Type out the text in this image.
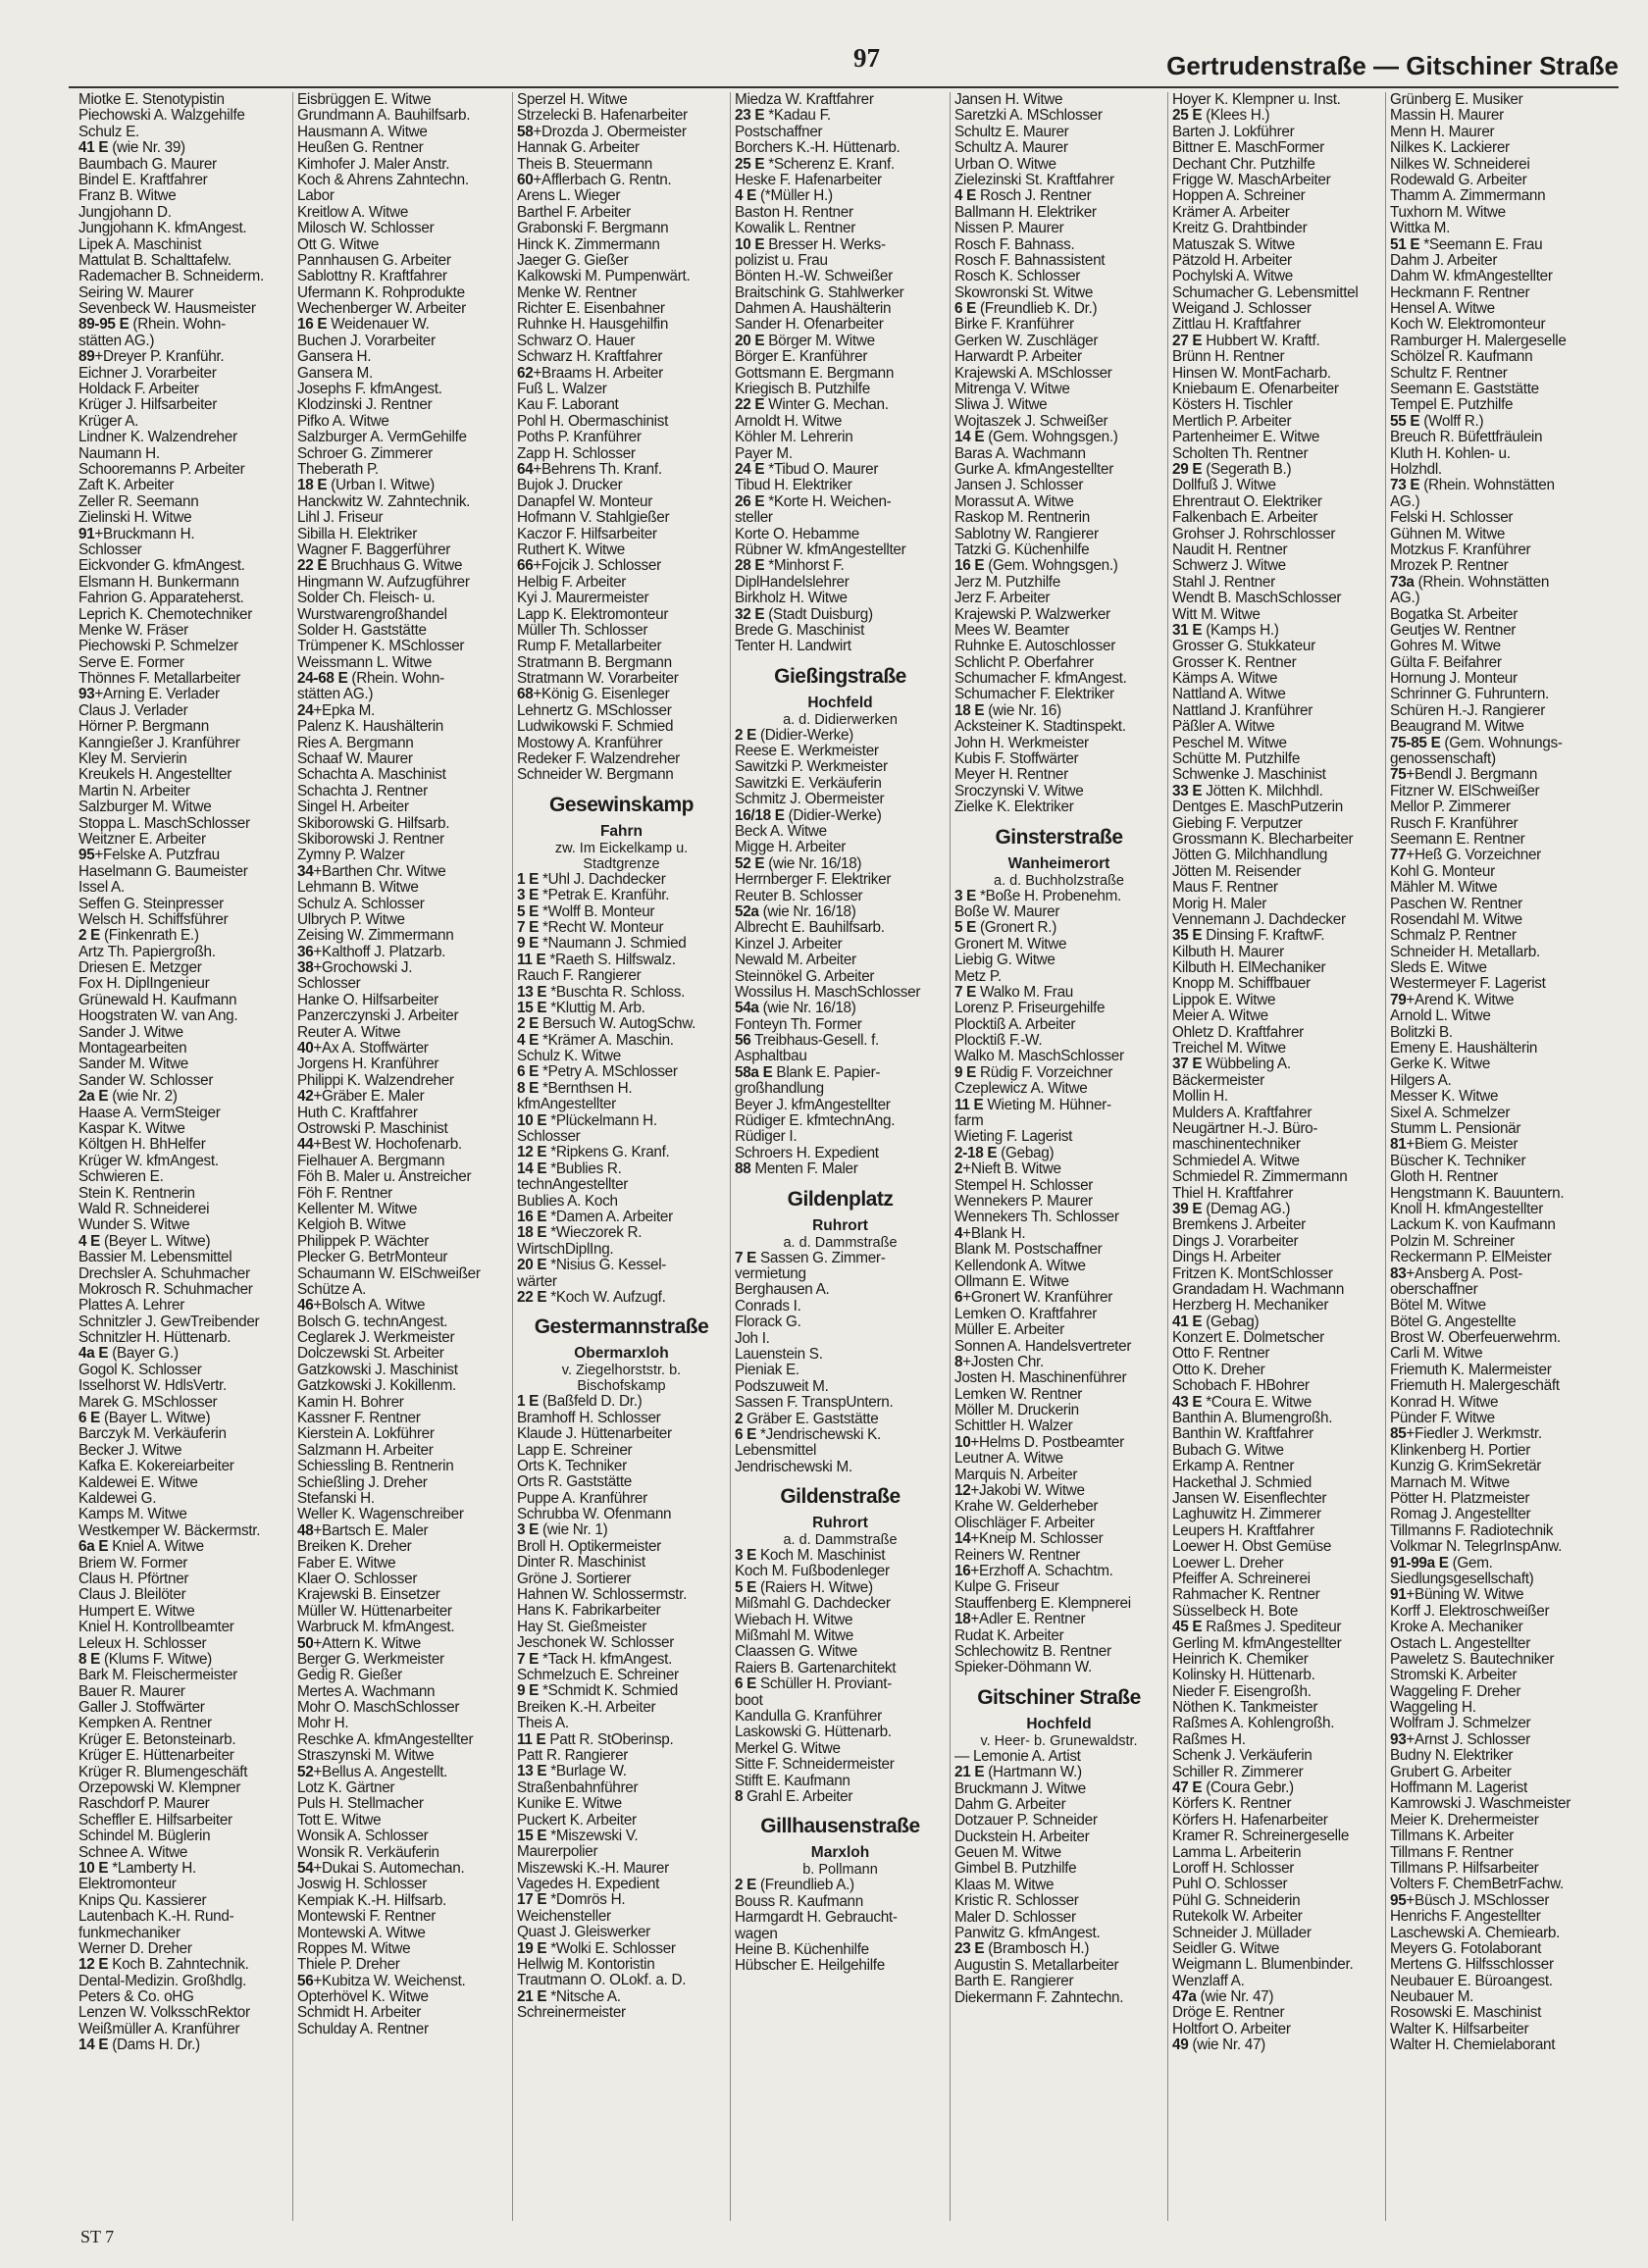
97	Gertrudenstraße — Gitschiner Straße
Miotke E. Stenotypistin
Piechowski A. Walzgehilfe
Schulz E.
41 E (wie Nr. 39)
Baumbach G. Maurer
Bindel E. Kraftfahrer
Franz B. Witwe
Jungjohann D.
Jungjohann K. kfmAngest.
Lipek A. Maschinist
Mattulat B. Schalttafelw.
Rademacher B. Schneiderm.
Seiring W. Maurer
Sevenbeck W. Hausmeister
89-95 E (Rhein. Wohn-
stätten AG.)
89+Dreyer P. Kranführ.
Eichner J. Vorarbeiter
Holdack F. Arbeiter
Krüger J. Hilfsarbeiter
Krüger A.
Lindner K. Walzendreher
Naumann H.
Schooremanns P. Arbeiter
Zaft K. Arbeiter
Zeller R. Seemann
Zielinski H. Witwe
91+Bruckmann H.
Schlosser
Eickvonder G. kfmAngest.
Elsmann H. Bunkermann
Fahrion G. Apparateherst.
Leprich K. Chemotechniker
Menke W. Fräser
Piechowski P. Schmelzer
Serve E. Former
Thönnes F. Metallarbeiter
93+Arning E. Verlader
Claus J. Verlader
Hörner P. Bergmann
Kanngießer J. Kranführer
Kley M. Servierin
Kreukels H. Angestellter
Martin N. Arbeiter
Salzburger M. Witwe
Stoppa L. MaschSchlosser
Weitzner E. Arbeiter
95+Felske A. Putzfrau
Haselmann G. Baumeister
Issel A.
Seffen G. Steinpresser
Welsch H. Schiffsführer
2 E (Finkenrath E.)
Artz Th. Papiergroßh.
Driesen E. Metzger
Fox H. DiplIngenieur
Grünewald H. Kaufmann
Hoogstraten W. van Ang.
Sander J. Witwe
Montagearbeiten
Sander M. Witwe
Sander W. Schlosser
2a E (wie Nr. 2)
Haase A. VermSteiger
Kaspar K. Witwe
Költgen H. BhHelfer
Krüger W. kfmAngest.
Schwieren E.
Stein K. Rentnerin
Wald R. Schneiderei
Wunder S. Witwe
4 E (Beyer L. Witwe)
Bassier M. Lebensmittel
Drechsler A. Schuhmacher
Mokrosch R. Schuhmacher
Plattes A. Lehrer
Schnitzler J. GewTreibender
Schnitzler H. Hüttenarb.
4a E (Bayer G.)
Gogol K. Schlosser
Isselhorst W. HdlsVertr.
Marek G. MSchlosser
6 E (Bayer L. Witwe)
Barczyk M. Verkäuferin
Becker J. Witwe
Kafka E. Kokereiarbeiter
Kaldewei E. Witwe
Kaldewei G.
Kamps M. Witwe
Westkemper W. Bäckermstr.
6a E Kniel A. Witwe
Briem W. Former
Claus H. Pförtner
Claus J. Bleilöter
Humpert E. Witwe
Kniel H. Kontrollbeamter
Leleux H. Schlosser
8 E (Klums F. Witwe)
Bark M. Fleischermeister
Bauer R. Maurer
Galler J. Stoffwärter
Kempken A. Rentner
Krüger E. Betonsteinarb.
Krüger E. Hüttenarbeiter
Krüger R. Blumengeschäft
Orzepowski W. Klempner
Raschdorf P. Maurer
Scheffler E. Hilfsarbeiter
Schindel M. Büglerin
Schnee A. Witwe
10 E *Lamberty H.
Elektromonteur
Knips Qu. Kassierer
Lautenbach K.-H. Rund-
funkmechaniker
Werner D. Dreher
12 E Koch B. Zahntechnik.
Dental-Medizin. Großhdlg.
Peters & Co. oHG
Lenzen W. VolksschRektor
Weißmüller A. Kranführer
14 E (Dams H. Dr.)
Eisbrüggen E. Witwe
Grundmann A. Bauhilfsarb.
Hausmann A. Witwe
Heußen G. Rentner
Kimhofer J. Maler Anstr.
Koch & Ahrens Zahntechn.
Labor
Kreitlow A. Witwe
Milosch W. Schlosser
Ott G. Witwe
Pannhausen G. Arbeiter
Sablottny R. Kraftfahrer
Ufermann K. Rohprodukte
Wechenberger W. Arbeiter
16 E Weidenauer W.
Buchen J. Vorarbeiter
Gansera H.
Gansera M.
Josephs F. kfmAngest.
Klodzinski J. Rentner
Pifko A. Witwe
Salzburger A. VermGehilfe
Schroer G. Zimmerer
Theberath P.
18 E (Urban I. Witwe)
Hanckwitz W. Zahntechnik.
Lihl J. Friseur
Sibilla H. Elektriker
Wagner F. Baggerführer
22 E Bruchhaus G. Witwe
Hingmann W. Aufzugführer
Solder Ch. Fleisch- u.
Wurstwarengroßhandel
Solder H. Gaststätte
Trümpener K. MSchlosser
Weissmann L. Witwe
24-68 E (Rhein. Wohn-
stätten AG.)
24+Epka M.
Palenz K. Haushälterin
Ries A. Bergmann
Schaaf W. Maurer
Schachta A. Maschinist
Schachta J. Rentner
Singel H. Arbeiter
Skiborowski G. Hilfsarb.
Skiborowski J. Rentner
Zymny P. Walzer
34+Barthen Chr. Witwe
Lehmann B. Witwe
Schulz A. Schlosser
Ulbrych P. Witwe
Zeising W. Zimmermann
36+Kalthoff J. Platzarb.
38+Grochowski J.
Schlosser
Hanke O. Hilfsarbeiter
Panzerczynski J. Arbeiter
Reuter A. Witwe
40+Ax A. Stoffwärter
Jorgens H. Kranführer
Philippi K. Walzendreher
42+Gräber E. Maler
Huth C. Kraftfahrer
Ostrowski P. Maschinist
44+Best W. Hochofenarb.
Fielhauer A. Bergmann
Föh B. Maler u. Anstreicher
Föh F. Rentner
Kellenter M. Witwe
Kelgioh B. Witwe
Philippek P. Wächter
Plecker G. BetrMonteur
Schaumann W. ElSchweißer
Schütze A.
46+Bolsch A. Witwe
Bolsch G. technAngest.
Ceglarek J. Werkmeister
Dolczewski St. Arbeiter
Gatzkowski J. Maschinist
Gatzkowski J. Kokillenm.
Kamin H. Bohrer
Kassner F. Rentner
Kierstein A. Lokführer
Salzmann H. Arbeiter
Schiessling B. Rentnerin
Schießling J. Dreher
Stefanski H.
Weller K. Wagenschreiber
48+Bartsch E. Maler
Breiken K. Dreher
Faber E. Witwe
Klaer O. Schlosser
Krajewski B. Einsetzer
Müller W. Hüttenarbeiter
Warbruck M. kfmAngest.
50+Attern K. Witwe
Berger G. Werkmeister
Gedig R. Gießer
Mertes A. Wachmann
Mohr O. MaschSchlosser
Mohr H.
Reschke A. kfmAngestellter
Straszynski M. Witwe
52+Bellus A. Angestellt.
Lotz K. Gärtner
Puls H. Stellmacher
Tott E. Witwe
Wonsik A. Schlosser
Wonsik R. Verkäuferin
54+Dukai S. Automechan.
Joswig H. Schlosser
Kempiak K.-H. Hilfsarb.
Montewski F. Rentner
Montewski A. Witwe
Roppes M. Witwe
Thiele P. Dreher
56+Kubitza W. Weichenst.
Opterhövel K. Witwe
Schmidt H. Arbeiter
Schulday A. Rentner
Sperzel H. Witwe
Strzelecki B. Hafenarbeiter
58+Drozda J. Obermeister
Hannak G. Arbeiter
Theis B. Steuermann
60+Afflerbach G. Rentn.
Arens L. Wieger
Barthel F. Arbeiter
Grabonski F. Bergmann
Hinck K. Zimmermann
Jaeger G. Gießer
Kalkowski M. Pumpenwärt.
Menke W. Rentner
Richter E. Eisenbahner
Ruhnke H. Hausgehilfin
Schwarz O. Hauer
Schwarz H. Kraftfahrer
62+Braams H. Arbeiter
Fuß L. Walzer
Kau F. Laborant
Pohl H. Obermaschinist
Poths P. Kranführer
Zapp H. Schlosser
64+Behrens Th. Kranf.
Bujok J. Drucker
Danapfel W. Monteur
Hofmann V. Stahlgießer
Kaczor F. Hilfsarbeiter
Ruthert K. Witwe
66+Fojcik J. Schlosser
Helbig F. Arbeiter
Kyi J. Maurermeister
Lapp K. Elektromonteur
Müller Th. Schlosser
Rump F. Metallarbeiter
Stratmann B. Bergmann
Stratmann W. Vorarbeiter
68+König G. Eisenleger
Lehnertz G. MSchlosser
Ludwikowski F. Schmied
Mostowy A. Kranführer
Redeker F. Walzendreher
Schneider W. Bergmann
Gesewinskamp
Fahrn
zw. Im Eickelkamp u.
Stadtgrenze
1 E *Uhl J. Dachdecker
3 E *Petrak E. Kranführ.
5 E *Wolff B. Monteur
7 E *Recht W. Monteur
9 E *Naumann J. Schmied
11 E *Raeth S. Hilfswalz.
Rauch F. Rangierer
13 E *Buschta R. Schloss.
15 E *Kluttig M. Arb.
2 E Bersuch W. AutogSchw.
4 E *Krämer A. Maschin.
Schulz K. Witwe
6 E *Petry A. MSchlosser
8 E *Bernthsen H.
kfmAngestellter
10 E *Plückelmann H.
Schlosser
12 E *Ripkens G. Kranf.
14 E *Bublies R.
technAngestellter
Bublies A. Koch
16 E *Damen A. Arbeiter
18 E *Wieczorek R.
WirtschDiplIng.
20 E *Nisius G. Kessel-
wärter
22 E *Koch W. Aufzugf.
Gestermannstraße
Obermarxloh
v. Ziegelhorststr. b.
Bischofskamp
1 E (Baßfeld D. Dr.)
Bramhoff H. Schlosser
Klaude J. Hüttenarbeiter
Lapp E. Schreiner
Orts K. Techniker
Orts R. Gaststätte
Puppe A. Kranführer
Schrubba W. Ofenmann
3 E (wie Nr. 1)
Broll H. Optikermeister
Dinter R. Maschinist
Gröne J. Sortierer
Hahnen W. Schlossermstr.
Hans K. Fabrikarbeiter
Hay St. Gießmeister
Jeschonek W. Schlosser
7 E *Tack H. kfmAngest.
Schmelzuch E. Schreiner
9 E *Schmidt K. Schmied
Breiken K.-H. Arbeiter
Theis A.
11 E Patt R. StOberinsp.
Patt R. Rangierer
13 E *Burlage W.
Straßenbahnführer
Kunike E. Witwe
Puckert K. Arbeiter
15 E *Miszewski V.
Maurerpolier
Miszewski K.-H. Maurer
Vagedes H. Expedient
17 E *Domrös H.
Weichensteller
Quast J. Gleiswerker
19 E *Wolki E. Schlosser
Hellwig M. Kontoristin
Trautmann O. OLokf. a. D.
21 E *Nitsche A.
Schreinermeister
Miedza W. Kraftfahrer
23 E *Kadau F.
Postschaffner
Borchers K.-H. Hüttenarb.
25 E *Scherenz E. Kranf.
Heske F. Hafenarbeiter
4 E (*Müller H.)
Baston H. Rentner
Kowalik L. Rentner
10 E Bresser H. Werks-
polizist u. Frau
Bönten H.-W. Schweißer
Braitschink G. Stahlwerker
Dahmen A. Haushälterin
Sander H. Ofenarbeiter
20 E Börger M. Witwe
Börger E. Kranführer
Gottsmann E. Bergmann
Kriegisch B. Putzhilfe
22 E Winter G. Mechan.
Arnoldt H. Witwe
Köhler M. Lehrerin
Payer M.
24 E *Tibud O. Maurer
Tibud H. Elektriker
26 E *Korte H. Weichen-
steller
Korte O. Hebamme
Rübner W. kfmAngestellter
28 E *Minhorst F.
DiplHandelslehrer
Birkholz H. Witwe
32 E (Stadt Duisburg)
Brede G. Maschinist
Tenter H. Landwirt
Gießingstraße
Hochfeld
a. d. Didierwerken
2 E (Didier-Werke)
Reese E. Werkmeister
Sawitzki P. Werkmeister
Sawitzki E. Verkäuferin
Schmitz J. Obermeister
16/18 E (Didier-Werke)
Beck A. Witwe
Migge H. Arbeiter
52 E (wie Nr. 16/18)
Herrnberger F. Elektriker
Reuter B. Schlosser
52a (wie Nr. 16/18)
Albrecht E. Bauhilfsarb.
Kinzel J. Arbeiter
Newald M. Arbeiter
Steinnökel G. Arbeiter
Wossilus H. MaschSchlosser
54a (wie Nr. 16/18)
Fonteyn Th. Former
56 Treibhaus-Gesell. f.
Asphaltbau
58a E Blank E. Papier-
großhandlung
Beyer J. kfmAngestellter
Rüdiger E. kfmtechnAng.
Rüdiger I.
Schroers H. Expedient
88 Menten F. Maler
Gildenplatz
Ruhrort
a. d. Dammstraße
7 E Sassen G. Zimmer-
vermietung
Berghausen A.
Conrads I.
Florack G.
Joh I.
Lauenstein S.
Pieniak E.
Podszuweit M.
Sassen F. TranspUntern.
2 Gräber E. Gaststätte
6 E *Jendrischewski K.
Lebensmittel
Jendrischewski M.
Gildenstraße
Ruhrort
a. d. Dammstraße
3 E Koch M. Maschinist
Koch M. Fußbodenleger
5 E (Raiers H. Witwe)
Mißmahl G. Dachdecker
Wiebach H. Witwe
Mißmahl M. Witwe
Claassen G. Witwe
Raiers B. Gartenarchitekt
6 E Schüller H. Proviant-
boot
Kandulla G. Kranführer
Laskowski G. Hüttenarb.
Merkel G. Witwe
Sitte F. Schneidermeister
Stifft E. Kaufmann
8 Grahl E. Arbeiter
Gillhausenstraße
Marxloh
b. Pollmann
2 E (Freundlieb A.)
Bouss R. Kaufmann
Harmgardt H. Gebraucht-
wagen
Heine B. Küchenhilfe
Hübscher E. Heilgehilfe
Jansen H. Witwe
Saretzki A. MSchlosser
Schultz E. Maurer
Schultz A. Maurer
Urban O. Witwe
Zielezinski St. Kraftfahrer
4 E Rosch J. Rentner
Ballmann H. Elektriker
Nissen P. Maurer
Rosch F. Bahnass.
Rosch F. Bahnassistent
Rosch K. Schlosser
Skowronski St. Witwe
6 E (Freundlieb K. Dr.)
Birke F. Kranführer
Gerken W. Zuschläger
Harwardt P. Arbeiter
Krajewski A. MSchlosser
Mitrenga V. Witwe
Sliwa J. Witwe
Wojtaszek J. Schweißer
14 E (Gem. Wohngsgen.)
Baras A. Wachmann
Gurke A. kfmAngestellter
Jansen J. Schlosser
Morassut A. Witwe
Raskop M. Rentnerin
Sablotny W. Rangierer
Tatzki G. Küchenhilfe
16 E (Gem. Wohngsgen.)
Jerz M. Putzhilfe
Jerz F. Arbeiter
Krajewski P. Walzwerker
Mees W. Beamter
Ruhnke E. Autoschlosser
Schlicht P. Oberfahrer
Schumacher F. kfmAngest.
Schumacher F. Elektriker
18 E (wie Nr. 16)
Acksteiner K. Stadtinspekt.
John H. Werkmeister
Kubis F. Stoffwärter
Meyer H. Rentner
Sroczynski V. Witwe
Zielke K. Elektriker
Ginsterstraße
Wanheimerort
a. d. Buchholzstraße
3 E *Boße H. Probenehm.
Boße W. Maurer
5 E (Gronert R.)
Gronert M. Witwe
Liebig G. Witwe
Metz P.
7 E Walko M. Frau
Lorenz P. Friseurgehilfe
Plocktiß A. Arbeiter
Plocktiß F.-W.
Walko M. MaschSchlosser
9 E Rüdig F. Vorzeichner
Czeplewicz A. Witwe
11 E Wieting M. Hühner-
farm
Wieting F. Lagerist
2-18 E (Gebag)
2+Nieft B. Witwe
Stempel H. Schlosser
Wennekers P. Maurer
Wennekers Th. Schlosser
4+Blank H.
Blank M. Postschaffner
Kellendonk A. Witwe
Ollmann E. Witwe
6+Gronert W. Kranführer
Lemken O. Kraftfahrer
Müller E. Arbeiter
Sonnen A. Handelsvertreter
8+Josten Chr.
Josten H. Maschinenführer
Lemken W. Rentner
Möller M. Druckerin
Schittler H. Walzer
10+Helms D. Postbeamter
Leutner A. Witwe
Marquis N. Arbeiter
12+Jakobi W. Witwe
Krahe W. Gelderheber
Olischläger F. Arbeiter
14+Kneip M. Schlosser
Reiners W. Rentner
16+Erzhoff A. Schachtm.
Kulpe G. Friseur
Stauffenberg E. Klempnerei
18+Adler E. Rentner
Rudat K. Arbeiter
Schlechowitz B. Rentner
Spieker-Döhmann W.
Gitschiner Straße
Hochfeld
v. Heer- b. Grunewaldstr.
— Lemonie A. Artist
21 E (Hartmann W.)
Bruckmann J. Witwe
Dahm G. Arbeiter
Dotzauer P. Schneider
Duckstein H. Arbeiter
Geuen M. Witwe
Gimbel B. Putzhilfe
Klaas M. Witwe
Kristic R. Schlosser
Maler D. Schlosser
Panwitz G. kfmAngest.
23 E (Brambosch H.)
Augustin S. Metallarbeiter
Barth E. Rangierer
Diekermann F. Zahntechn.
Hoyer K. Klempner u. Inst.
25 E (Klees H.)
Barten J. Lokführer
Bittner E. MaschFormer
Dechant Chr. Putzhilfe
Frigge W. MaschArbeiter
Hoppen A. Schreiner
Krämer A. Arbeiter
Kreitz G. Drahtbinder
Matuszak S. Witwe
Pätzold H. Arbeiter
Pochylski A. Witwe
Schumacher G. Lebensmittel
Weigand J. Schlosser
Zittlau H. Kraftfahrer
27 E Hubbert W. Kraftf.
Brünn H. Rentner
Hinsen W. MontFacharb.
Kniebaum E. Ofenarbeiter
Kösters H. Tischler
Mertlich P. Arbeiter
Partenheimer E. Witwe
Scholten Th. Rentner
29 E (Segerath B.)
Dollfuß J. Witwe
Ehrentraut O. Elektriker
Falkenbach E. Arbeiter
Grohser J. Rohrschlosser
Naudit H. Rentner
Schwerz J. Witwe
Stahl J. Rentner
Wendt B. MaschSchlosser
Witt M. Witwe
31 E (Kamps H.)
Grosser G. Stukkateur
Grosser K. Rentner
Kämps A. Witwe
Nattland A. Witwe
Nattland J. Kranführer
Päßler A. Witwe
Peschel M. Witwe
Schütte M. Putzhilfe
Schwenke J. Maschinist
33 E Jötten K. Milchhdl.
Dentges E. MaschPutzerin
Giebing F. Verputzer
Grossmann K. Blecharbeiter
Jötten G. Milchhandlung
Jötten M. Reisender
Maus F. Rentner
Morig H. Maler
Vennemann J. Dachdecker
35 E Dinsing F. KraftwF.
Kilbuth H. Maurer
Kilbuth H. ElMechaniker
Knopp M. Schiffbauer
Lippok E. Witwe
Meier A. Witwe
Ohletz D. Kraftfahrer
Treichel M. Witwe
37 E Wübbeling A.
Bäckermeister
Mollin H.
Mulders A. Kraftfahrer
Neugärtner H.-J. Büro-
maschinentechniker
Schmiedel A. Witwe
Schmiedel R. Zimmermann
Thiel H. Kraftfahrer
39 E (Demag AG.)
Bremkens J. Arbeiter
Dings J. Vorarbeiter
Dings H. Arbeiter
Fritzen K. MontSchlosser
Grandadam H. Wachmann
Herzberg H. Mechaniker
41 E (Gebag)
Konzert E. Dolmetscher
Otto F. Rentner
Otto K. Dreher
Schobach F. HBohrer
43 E *Coura E. Witwe
Banthin A. Blumengroßh.
Banthin W. Kraftfahrer
Bubach G. Witwe
Erkamp A. Rentner
Hackethal J. Schmied
Jansen W. Eisenflechter
Laghuwitz H. Zimmerer
Leupers H. Kraftfahrer
Loewer H. Obst Gemüse
Loewer L. Dreher
Pfeiffer A. Schreinerei
Rahmacher K. Rentner
Süsselbeck H. Bote
45 E Raßmes J. Spediteur
Gerling M. kfmAngestellter
Heinrich K. Chemiker
Kolinsky H. Hüttenarb.
Nieder F. Eisengroßh.
Nöthen K. Tankmeister
Raßmes A. Kohlengroßh.
Raßmes H.
Schenk J. Verkäuferin
Schiller R. Zimmerer
47 E (Coura Gebr.)
Körfers K. Rentner
Körfers H. Hafenarbeiter
Kramer R. Schreinergeselle
Lamma L. Arbeiterin
Loroff H. Schlosser
Puhl O. Schlosser
Pühl G. Schneiderin
Rutekolk W. Arbeiter
Schneider J. Müllader
Seidler G. Witwe
Weigmann L. Blumenbinder.
Wenzlaff A.
47a (wie Nr. 47)
Dröge E. Rentner
Holtfort O. Arbeiter
49 (wie Nr. 47)
Grünberg E. Musiker
Massin H. Maurer
Menn H. Maurer
Nilkes K. Lackierer
Nilkes W. Schneiderei
Rodewald G. Arbeiter
Thamm A. Zimmermann
Tuxhorn M. Witwe
Wittka M.
51 E *Seemann E. Frau
Dahm J. Arbeiter
Dahm W. kfmAngestellter
Heckmann F. Rentner
Hensel A. Witwe
Koch W. Elektromonteur
Ramburger H. Malergeselle
Schölzel R. Kaufmann
Schultz F. Rentner
Seemann E. Gaststätte
Tempel E. Putzhilfe
55 E (Wolff R.)
Breuch R. Büfettfräulein
Kluth H. Kohlen- u.
Holzhdl.
73 E (Rhein. Wohnstätten
AG.)
Felski H. Schlosser
Gühnen M. Witwe
Motzkus F. Kranführer
Mrozek P. Rentner
73a (Rhein. Wohnstätten
AG.)
Bogatka St. Arbeiter
Geutjes W. Rentner
Gohres M. Witwe
Gülta F. Beifahrer
Hornung J. Monteur
Schrinner G. Fuhruntern.
Schüren H.-J. Rangierer
Beaugrand M. Witwe
75-85 E (Gem. Wohnungs-
genossenschaft)
75+Bendl J. Bergmann
Fitzner W. ElSchweißer
Mellor P. Zimmerer
Rusch F. Kranführer
Seemann E. Rentner
77+Heß G. Vorzeichner
Kohl G. Monteur
Mähler M. Witwe
Paschen W. Rentner
Rosendahl M. Witwe
Schmalz P. Rentner
Schneider H. Metallarb.
Sleds E. Witwe
Westermeyer F. Lagerist
79+Arend K. Witwe
Arnold L. Witwe
Bolitzki B.
Emeny E. Haushälterin
Gerke K. Witwe
Hilgers A.
Messer K. Witwe
Sixel A. Schmelzer
Stumm L. Pensionär
81+Biem G. Meister
Büscher K. Techniker
Gloth H. Rentner
Hengstmann K. Bauuntern.
Knoll H. kfmAngestellter
Lackum K. von Kaufmann
Polzin M. Schreiner
Reckermann P. ElMeister
83+Ansberg A. Post-
oberschaffner
Bötel M. Witwe
Bötel G. Angestellte
Brost W. Oberfeuerwehrm.
Carli M. Witwe
Friemuth K. Malermeister
Friemuth H. Malergeschäft
Konrad H. Witwe
Pünder F. Witwe
85+Fiedler J. Werkmstr.
Klinkenberg H. Portier
Kunzig G. KrimSekretär
Marnach M. Witwe
Pötter H. Platzmeister
Romag J. Angestellter
Tillmanns F. Radiotechnik
Volkmar N. TelegrInspAnw.
91-99a E (Gem.
Siedlungsgesellschaft)
91+Büning W. Witwe
Korff J. Elektroschweißer
Kroke A. Mechaniker
Ostach L. Angestellter
Paweletz S. Bautechniker
Stromski K. Arbeiter
Waggeling F. Dreher
Waggeling H.
Wolfram J. Schmelzer
93+Arnst J. Schlosser
Budny N. Elektriker
Grubert G. Arbeiter
Hoffmann M. Lagerist
Kamrowski J. Waschmeister
Meier K. Drehermeister
Tillmans K. Arbeiter
Tillmans F. Rentner
Tillmans P. Hilfsarbeiter
Volters F. ChemBetrFachw.
95+Büsch J. MSchlosser
Henrichs F. Angestellter
Laschewski A. Chemiearb.
Meyers G. Fotolaborant
Mertens G. Hilfsschlosser
Neubauer E. Büroangest.
Neubauer M.
Rosowski E. Maschinist
Walter K. Hilfsarbeiter
Walter H. Chemielaborant
ST 7
